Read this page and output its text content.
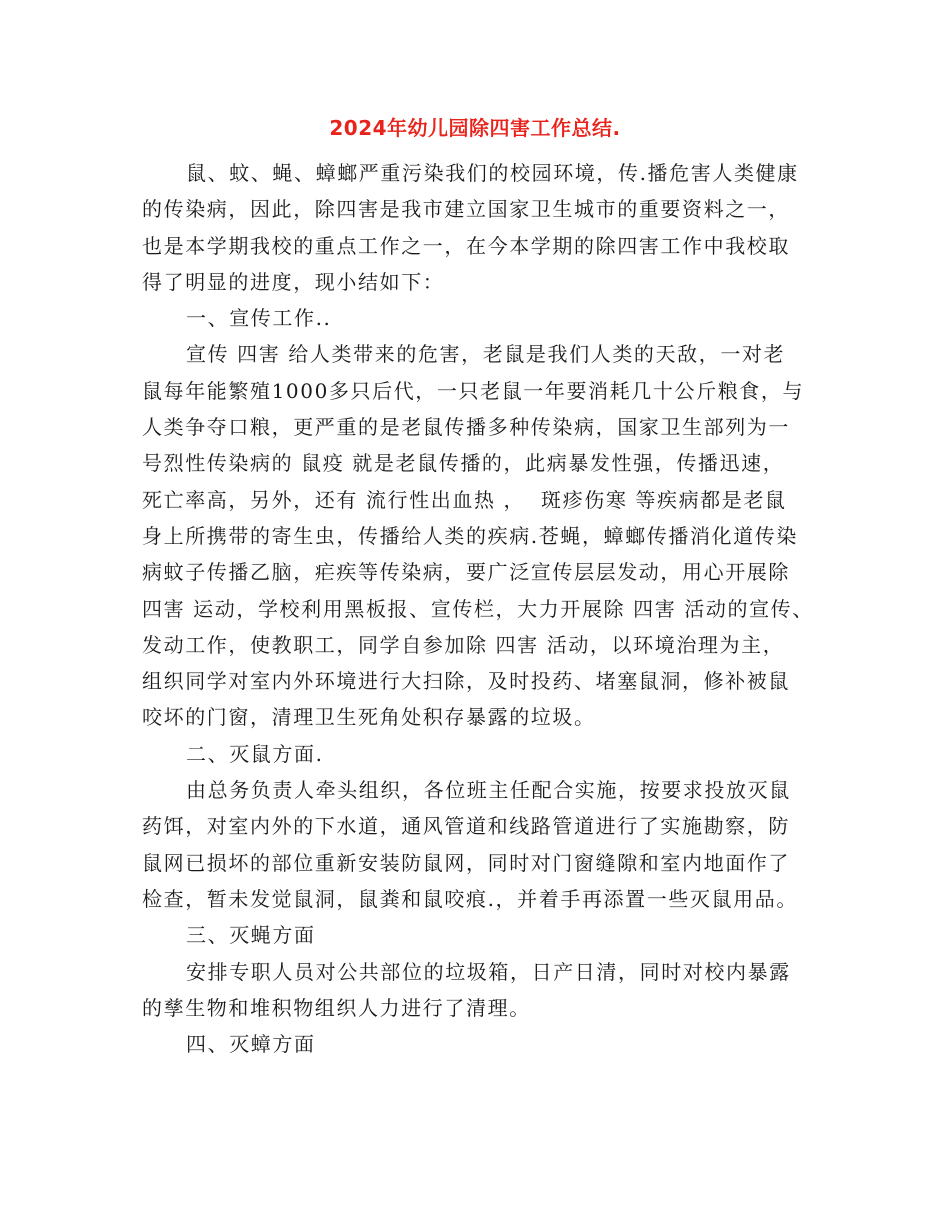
2024年幼儿园除四害工作总结.
鼠、蚊、蝇、蟑螂严重污染我们的校园环境，传.播危害人类健康
的传染病，因此，除四害是我市建立国家卫生城市的重要资料之一，
也是本学期我校的重点工作之一，在今本学期的除四害工作中我校取
得了明显的进度，现小结如下：
一、宣传工作..
宣传 四害 给人类带来的危害，老鼠是我们人类的天敌，一对老
鼠每年能繁殖1000多只后代，一只老鼠一年要消耗几十公斤粮食，与
人类争夺口粮，更严重的是老鼠传播多种传染病，国家卫生部列为一
号烈性传染病的 鼠疫 就是老鼠传播的，此病暴发性强，传播迅速，
死亡率高，另外，还有 流行性出血热 ，  斑疹伤寒 等疾病都是老鼠
身上所携带的寄生虫，传播给人类的疾病.苍蝇，蟑螂传播消化道传染
病蚊子传播乙脑，疟疾等传染病，要广泛宣传层层发动，用心开展除
四害 运动，学校利用黑板报、宣传栏，大力开展除 四害 活动的宣传、
发动工作，使教职工，同学自参加除 四害 活动，以环境治理为主，
组织同学对室内外环境进行大扫除，及时投药、堵塞鼠洞，修补被鼠
咬坏的门窗，清理卫生死角处积存暴露的垃圾。
二、灭鼠方面.
由总务负责人牵头组织，各位班主任配合实施，按要求投放灭鼠
药饵，对室内外的下水道，通风管道和线路管道进行了实施勘察，防
鼠网已损坏的部位重新安装防鼠网，同时对门窗缝隙和室内地面作了
检查，暂未发觉鼠洞，鼠粪和鼠咬痕.，并着手再添置一些灭鼠用品。
三、灭蝇方面
安排专职人员对公共部位的垃圾箱，日产日清，同时对校内暴露
的孳生物和堆积物组织人力进行了清理。
四、灭蟑方面
